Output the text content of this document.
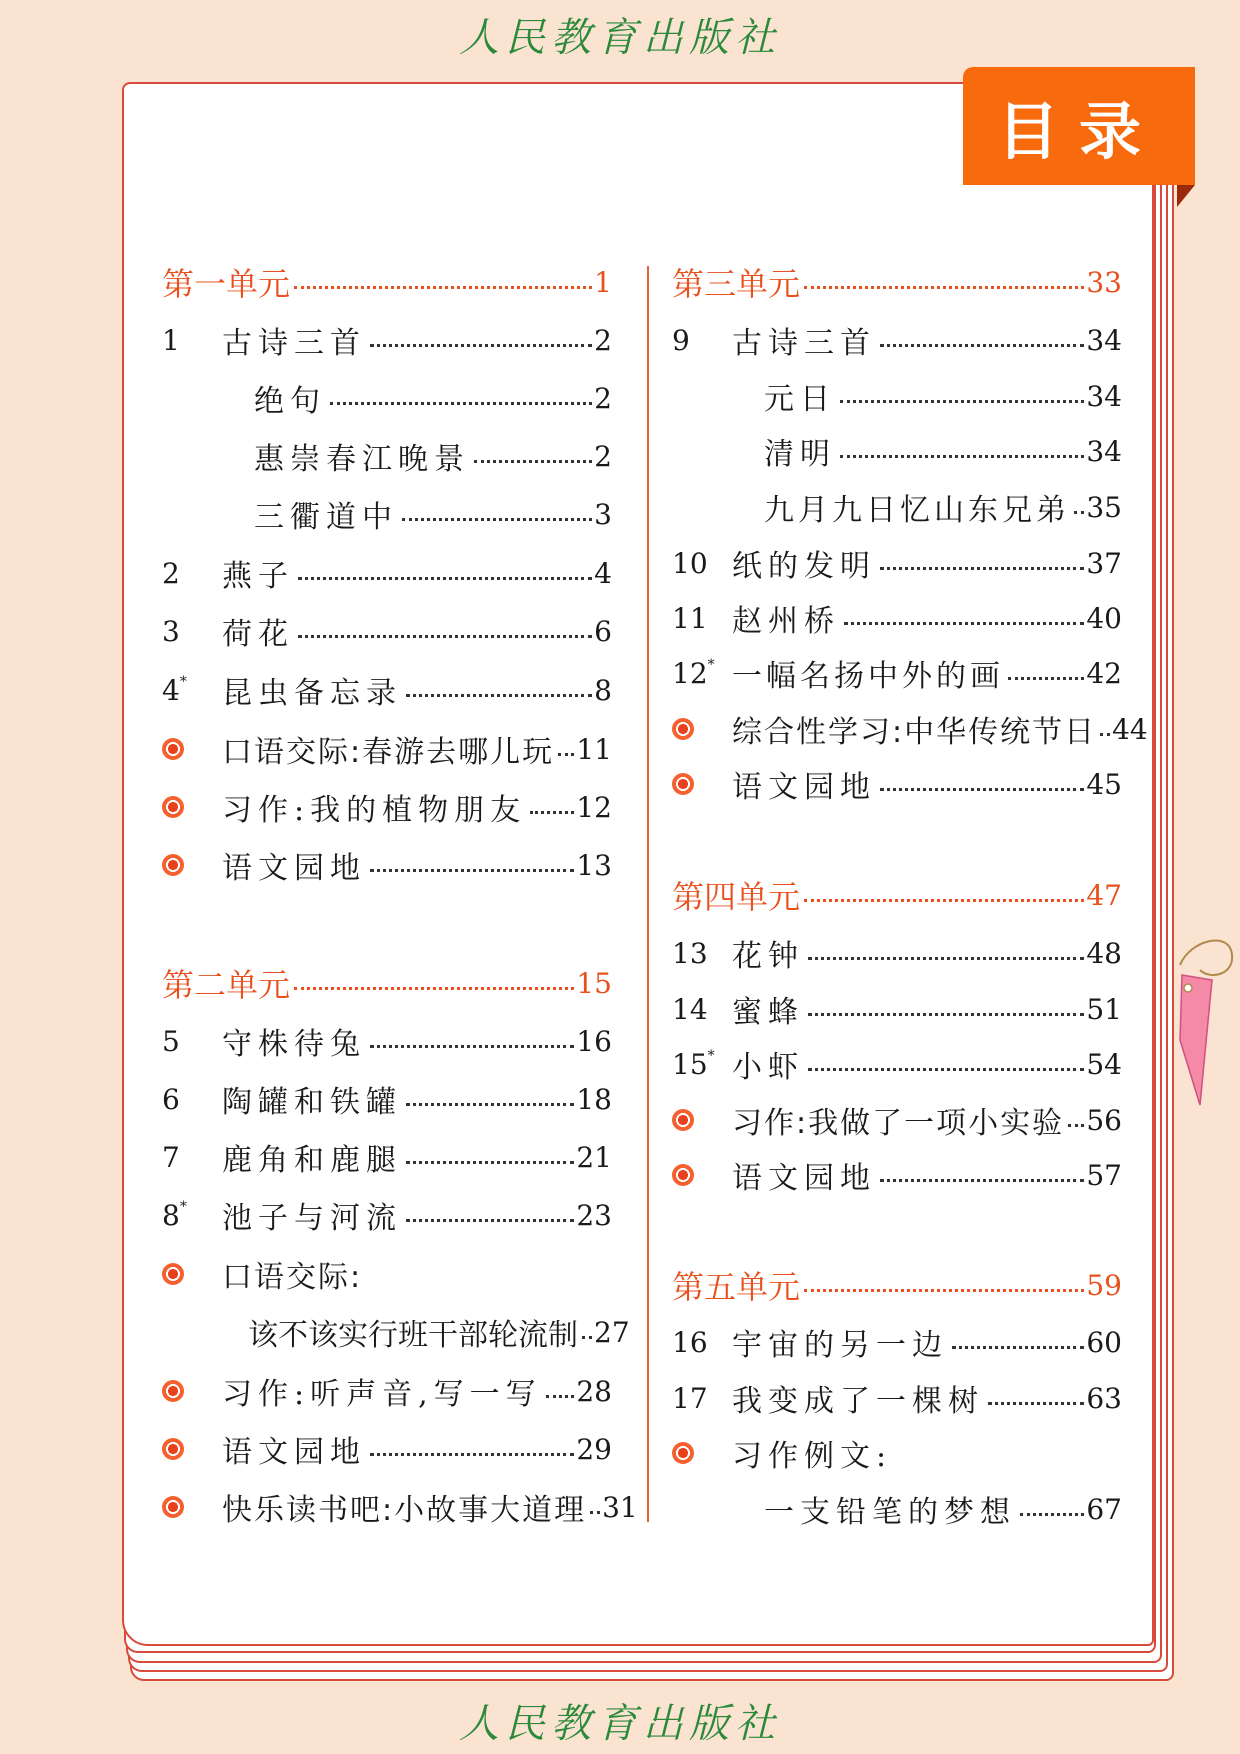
人民教育出版社
目录
第一单元	1
1	古诗三首	2
绝句	2
惠崇春江晚景	2
三衢道中	3
2	燕子	4
3	荷花	6
4*	昆虫备忘录	8
口语交际: 春游去哪儿玩 11
习作:我的植物朋友 12
语文园地	13
第二单元	15
5	守株待兔	16
6	陶罐和铁罐	18
7	鹿角和鹿腿	21
8*	池子与河流	23
口语交际:
该不该实行班干部轮流制 27
习作:听声音,写一写 28
语文园地	29
快乐读书吧: 小故事大道理 31
第三单元	33
9	古诗三首	34
元日	34
清明	34
九月九日忆山东兄弟 35
10 纸的发明	37
11 赵州桥	40
12* 一幅名扬中外的画	42
综合性学习: 中华传统节日 44
语文园地	45
第四单元	47
13 花钟	48
14 蜜蜂	51
15* 小虾	54
习作: 我做了一项小实验 56
语文园地	57
第五单元	59
16 宇宙的另一边	60
17 我变成了一棵树	63
习作例文:
一支铅笔的梦想	67
人民教育出版社
